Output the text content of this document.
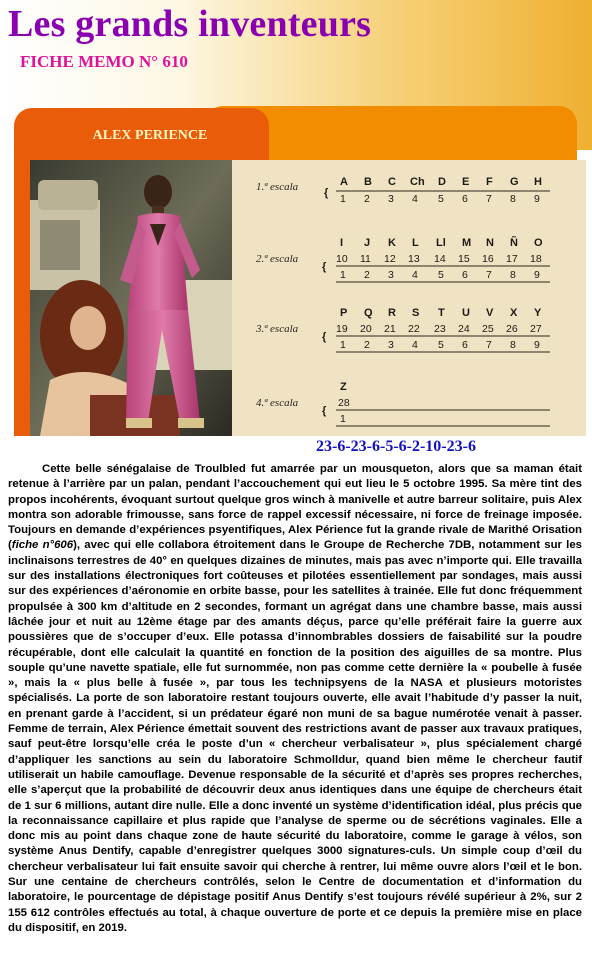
Les grands inventeurs

FICHE MEMO N° 610

ALEX PERIENCE
1.ª escala {
A B C Ch D E F G H
1 2 3 4 5 6 7 8 9
2.ª escala
{
I J K L Ll M N Ñ O
10 11 12 13 14 15 16 17 18
1 2 3 4 5 6 7 8 9
3.ª escala
{
P Q R S T U V X Y
19 20 21 22 23 24 25 26 27
1 2 3 4 5 6 7 8 9
4.ª escala
{
Z
28
1

23-6-23-6-5-6-2-10-23-6

Cette belle sénégalaise de Troulbled fut amarrée par un mousqueton, alors que sa maman était retenue à l’arrière par un palan, pendant l’accouchement qui eut lieu le 5 octobre 1995. Sa mère tint des propos incohérents, évoquant surtout quelque gros winch à manivelle et autre barreur solitaire, puis Alex montra son adorable frimousse, sans force de rappel excessif nécessaire, ni force de freinage imposée. Toujours en demande d’expériences psyentifiques, Alex Périence fut la grande rivale de Marithé Orisation (fiche n°606), avec qui elle collabora étroitement dans le Groupe de Recherche 7DB, notamment sur les inclinaisons terrestres de 40° en quelques dizaines de minutes, mais pas avec n’importe qui. Elle travailla sur des installations électroniques fort coûteuses et pilotées essentiellement par sondages, mais aussi sur des expériences d’aéronomie en orbite basse, pour les satellites à trainée. Elle fut donc fréquemment propulsée à 300 km d’altitude en 2 secondes, formant un agrégat dans une chambre basse, mais aussi lâchée jour et nuit au 12ème étage par des amants déçus, parce qu’elle préférait faire la guerre aux poussières que de s’occuper d’eux. Elle potassa d’innombrables dossiers de faisabilité sur la poudre récupérable, dont elle calculait la quantité en fonction de la position des aiguilles de sa montre. Plus souple qu’une navette spatiale, elle fut surnommée, non pas comme cette dernière la « poubelle à fusée », mais la « plus belle à fusée », par tous les technipsyens de la NASA et plusieurs motoristes spécialisés. La porte de son laboratoire restant toujours ouverte, elle avait l’habitude d’y passer la nuit, en prenant garde à l’accident, si un prédateur égaré non muni de sa bague numérotée venait à passer. Femme de terrain, Alex Périence émettait souvent des restrictions avant de passer aux travaux pratiques, sauf peut-être lorsqu’elle créa le poste d’un « chercheur verbalisateur », plus spécialement chargé d’appliquer les sanctions au sein du laboratoire Schmolldur, quand bien même le chercheur fautif utiliserait un habile camouflage. Devenue responsable de la sécurité et d’après ses propres recherches, elle s’aperçut que la probabilité de découvrir deux anus identiques dans une équipe de chercheurs était de 1 sur 6 millions, autant dire nulle. Elle a donc inventé un système d’identification idéal, plus précis que la reconnaissance capillaire et plus rapide que l’analyse de sperme ou de sécrétions vaginales. Elle a donc mis au point dans chaque zone de haute sécurité du laboratoire, comme le garage à vélos, son système Anus Dentify, capable d’enregistrer quelques 3000 signatures-culs. Un simple coup d’œil du chercheur verbalisateur lui fait ensuite savoir qui cherche à rentrer, lui même ouvre alors l’œil et le bon. Sur une centaine de chercheurs contrôlés, selon le Centre de documentation et d’information du laboratoire, le pourcentage de dépistage positif Anus Dentify s’est toujours révélé supérieur à 2%, sur 2 155 612 contrôles effectués au total, à chaque ouverture de porte et ce depuis la première mise en place du dispositif, en 2019.
